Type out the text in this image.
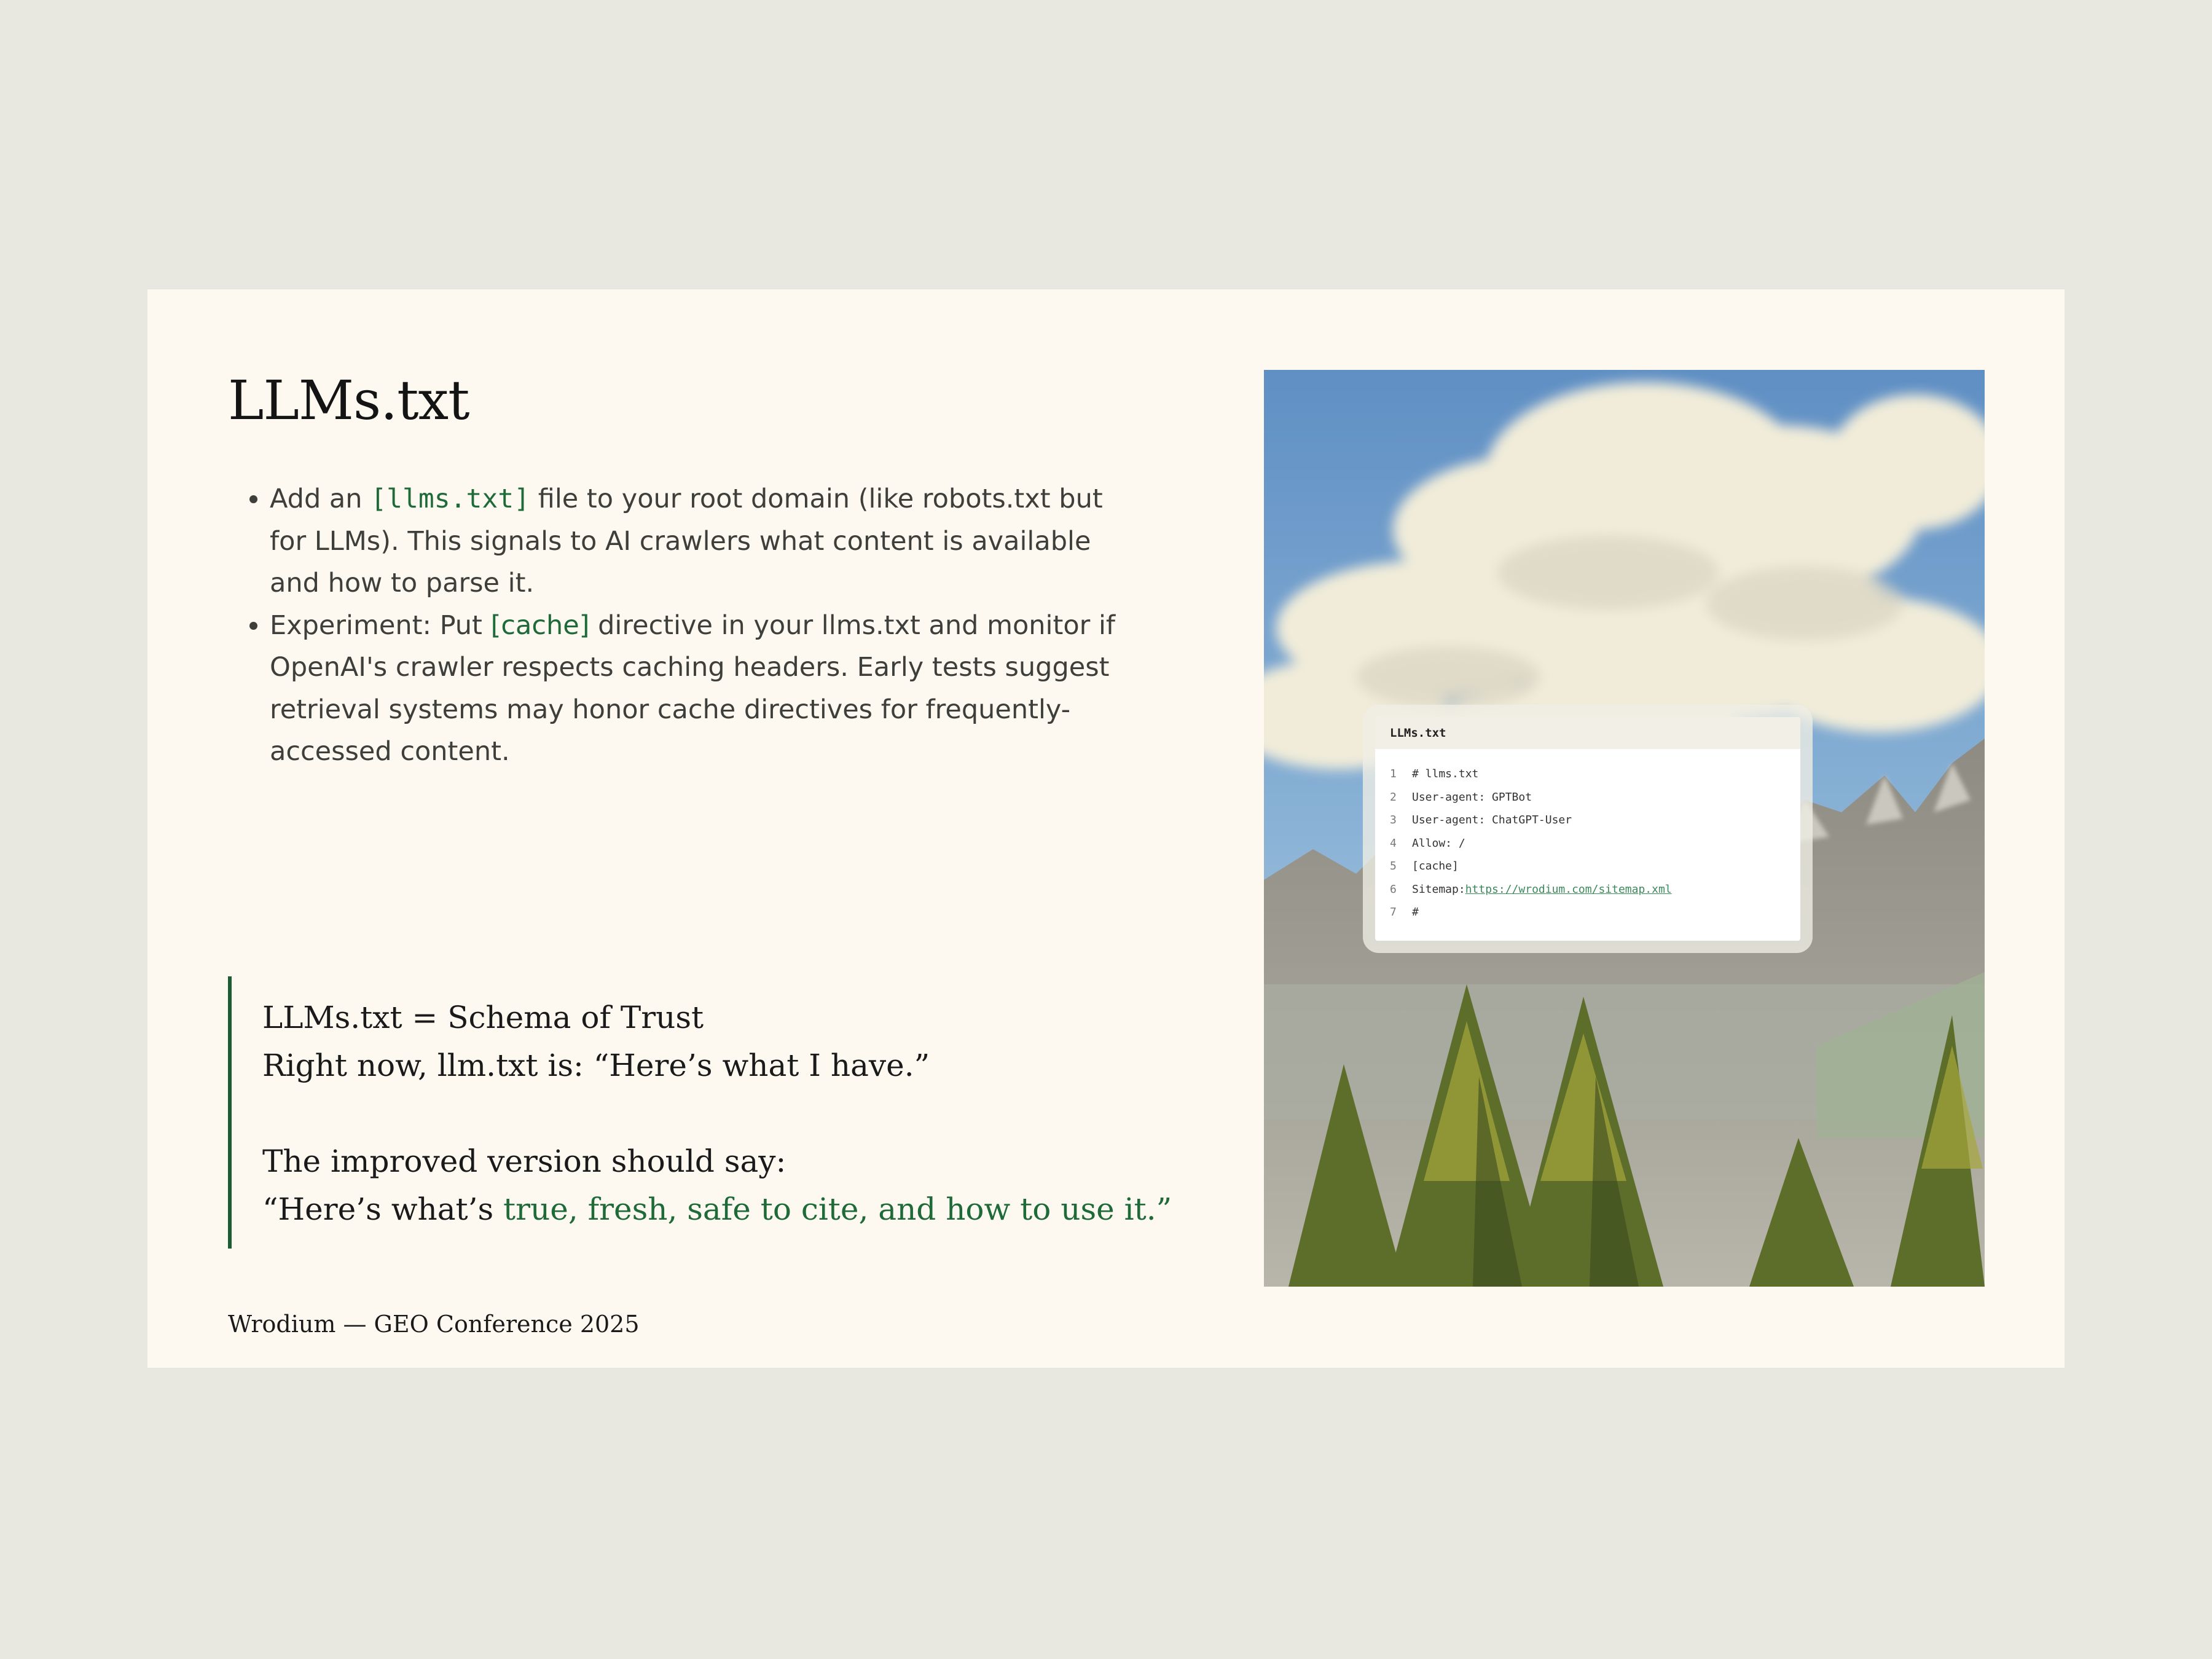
LLMs.txt
• Add an [llms.txt] file to your root domain (like robots.txt but for LLMs). This signals to AI crawlers what content is available and how to parse it.
• Experiment: Put [cache] directive in your llms.txt and monitor if OpenAI's crawler respects caching headers. Early tests suggest retrieval systems may honor cache directives for frequently-accessed content.
LLMs.txt = Schema of Trust
Right now, llm.txt is: “Here’s what I have.”
The improved version should say:
“Here’s what’s true, fresh, safe to cite, and how to use it.”
Wrodium — GEO Conference 2025
LLMs.txt
1 # llms.txt
2 User-agent: GPTBot
3 User-agent: ChatGPT-User
4 Allow: /
5 [cache]
6 Sitemap:https://wrodium.com/sitemap.xml
7 #
